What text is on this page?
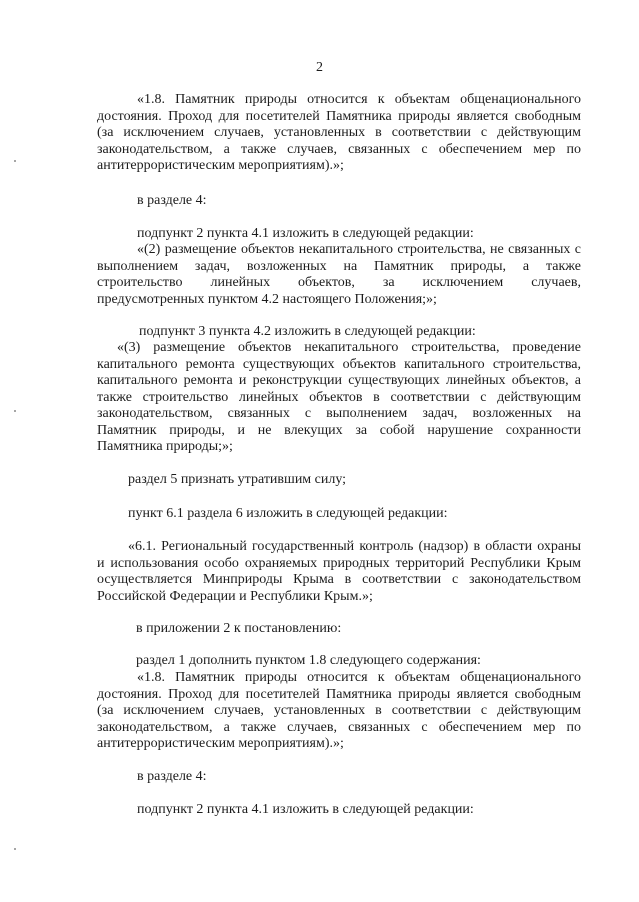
2
«1.8. Памятник природы относится к объектам общенационального
достояния. Проход для посетителей Памятника природы является свободным
(за исключением случаев, установленных в соответствии с действующим
законодательством, а также случаев, связанных с обеспечением мер по
антитеррористическим мероприятиям).»;
в разделе 4:
подпункт 2 пункта 4.1 изложить в следующей редакции:
«(2) размещение объектов некапитального строительства, не связанных с
выполнением задач, возложенных на Памятник природы, а также
строительство линейных объектов, за исключением случаев,
предусмотренных пунктом 4.2 настоящего Положения;»;
подпункт 3 пункта 4.2 изложить в следующей редакции:
«(3) размещение объектов некапитального строительства, проведение
капитального ремонта существующих объектов капитального строительства,
капитального ремонта и реконструкции существующих линейных объектов, а
также строительство линейных объектов в соответствии с действующим
законодательством, связанных с выполнением задач, возложенных на
Памятник природы, и не влекущих за собой нарушение сохранности
Памятника природы;»;
раздел 5 признать утратившим силу;
пункт 6.1 раздела 6 изложить в следующей редакции:
«6.1. Региональный государственный контроль (надзор) в области охраны
и использования особо охраняемых природных территорий Республики Крым
осуществляется Минприроды Крыма в соответствии с законодательством
Российской Федерации и Республики Крым.»;
в приложении 2 к постановлению:
раздел 1 дополнить пунктом 1.8 следующего содержания:
«1.8. Памятник природы относится к объектам общенационального
достояния. Проход для посетителей Памятника природы является свободным
(за исключением случаев, установленных в соответствии с действующим
законодательством, а также случаев, связанных с обеспечением мер по
антитеррористическим мероприятиям).»;
в разделе 4:
подпункт 2 пункта 4.1 изложить в следующей редакции:
